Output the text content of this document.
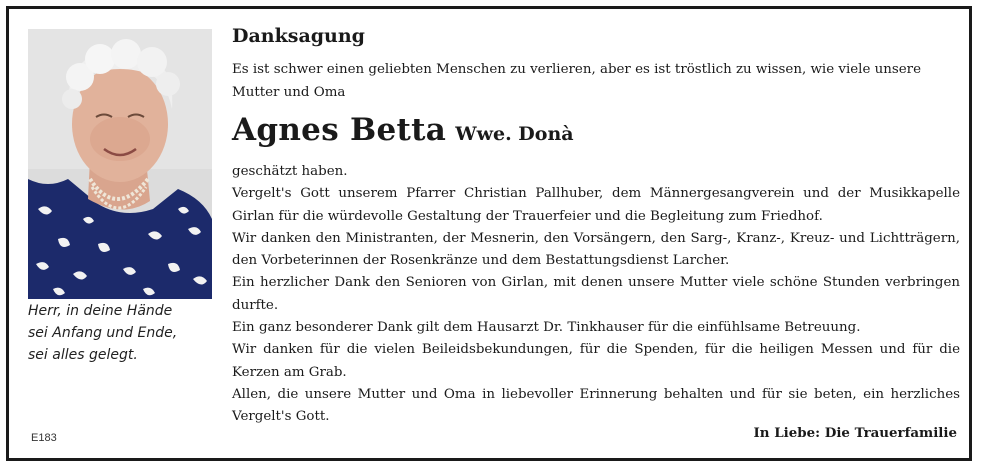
Herr, in deine Hände
sei Anfang und Ende,
sei alles gelegt.
E183
Danksagung
Es ist schwer einen geliebten Menschen zu verlieren, aber es ist tröstlich zu wissen, wie viele unsere Mutter und Oma
Agnes Betta Wwe. Donà

geschätzt haben.

Vergelt's Gott unserem Pfarrer Christian Pallhuber, dem Männergesangverein und der Musikkapelle Girlan für die würdevolle Gestaltung der Trauerfeier und die Begleitung zum Friedhof.

Wir danken den Ministranten, der Mesnerin, den Vorsängern, den Sarg-, Kranz-, Kreuz- und Lichtträgern, den Vorbeterinnen der Rosenkränze und dem Bestattungsdienst Larcher.

Ein herzlicher Dank den Senioren von Girlan, mit denen unsere Mutter viele schöne Stunden verbringen durfte.

Ein ganz besonderer Dank gilt dem Hausarzt Dr. Tinkhauser für die einfühlsame Betreuung.

Wir danken für die vielen Beileidsbekundungen, für die Spenden, für die heiligen Messen und für die Kerzen am Grab.

Allen, die unsere Mutter und Oma in liebevoller Erinnerung behalten und für sie beten, ein herzliches Vergelt's Gott.

In Liebe: Die Trauerfamilie
